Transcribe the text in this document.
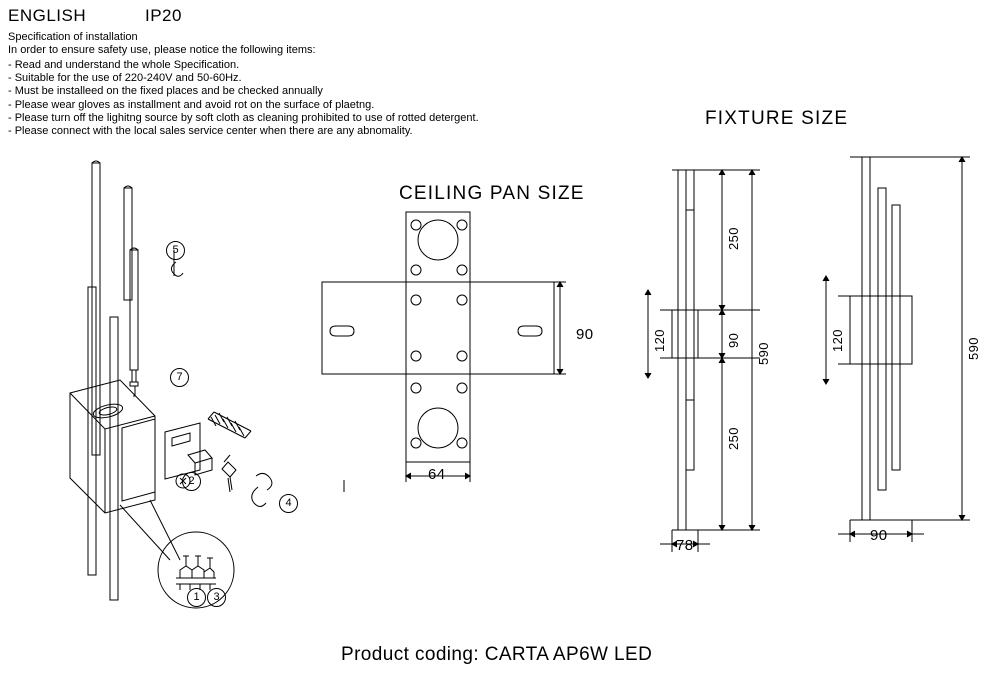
ENGLISH	IP20
Specification of installation
In order to ensure safety use, please notice the following items:
- Read and understand the whole Specification.
- Suitable for the use of 220-240V and 50-60Hz.
- Must be installeed on the fixed places and be checked annually
- Please wear gloves as installment and avoid rot on the surface of plaetng.
- Please turn off the lighitng source by soft cloth as cleaning prohibited to use of rotted detergent.
- Please connect with the local sales service center when there are any abnomality.
CEILING PAN SIZE
FIXTURE SIZE
90
64
250
90
250
120
590
78
120	590
90
5
7
4
2
1	3
Product coding: CARTA AP6W LED
